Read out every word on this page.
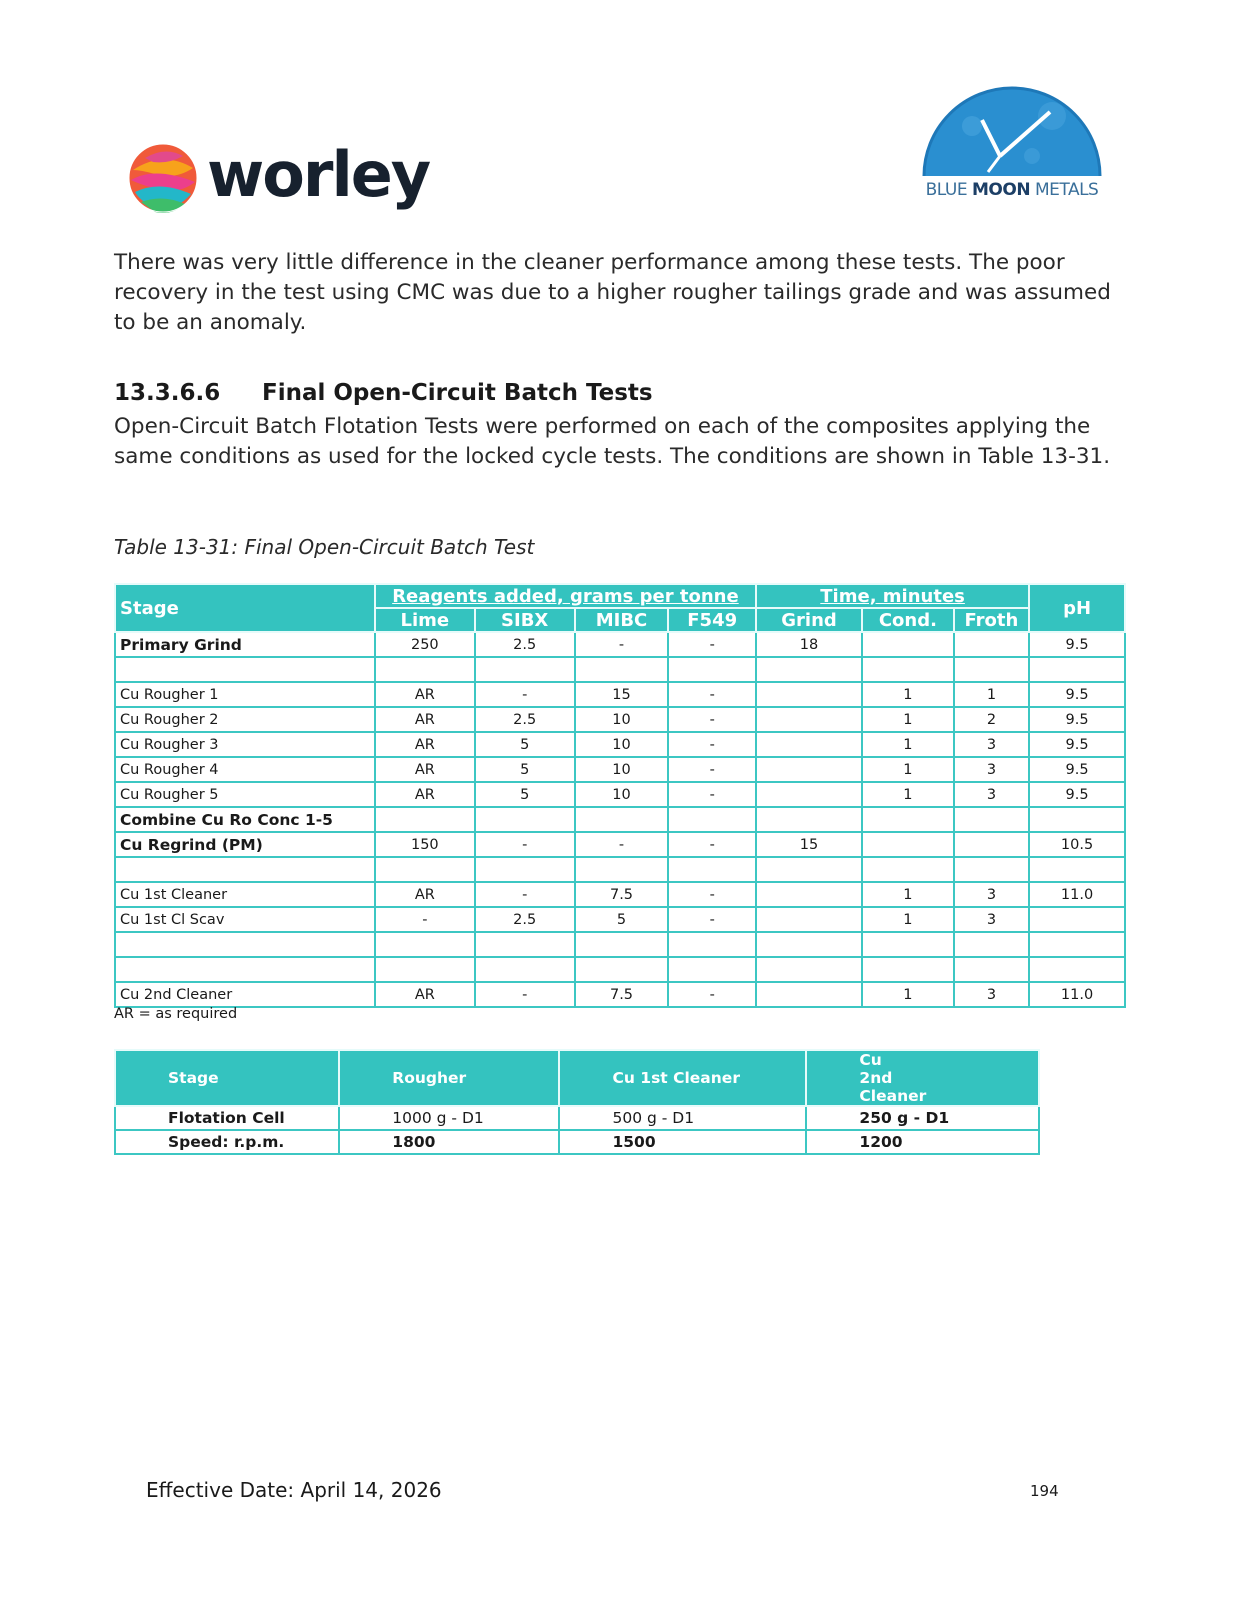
worley	BLUE MOON METALS
There was very little difference in the cleaner performance among these tests. The poor recovery in the test using CMC was due to a higher rougher tailings grade and was assumed to be an anomaly.
13.3.6.6 Final Open-Circuit Batch Tests
Open-Circuit Batch Flotation Tests were performed on each of the composites applying the same conditions as used for the locked cycle tests. The conditions are shown in Table 13-31.
Table 13-31: Final Open-Circuit Batch Test
Stage	Reagents added, grams per tonne				Time, minutes			pH
	Lime	SIBX	MIBC	F549	Grind	Cond.	Froth	
Primary Grind	250	2.5	-	-	18			9.5

Cu Rougher 1	AR	-	15	-		1	1	9.5
Cu Rougher 2	AR	2.5	10	-		1	2	9.5
Cu Rougher 3	AR	5	10	-		1	3	9.5
Cu Rougher 4	AR	5	10	-		1	3	9.5
Cu Rougher 5	AR	5	10	-		1	3	9.5
Combine Cu Ro Conc 1-5								
Cu Regrind (PM)	150	-	-	-	15			10.5

Cu 1st Cleaner	AR	-	7.5	-		1	3	11.0
Cu 1st Cl Scav	-	2.5	5	-		1	3	

Cu 2nd Cleaner	AR	-	7.5	-		1	3	11.0
AR = as required
Stage	Rougher	Cu 1st Cleaner	Cu 2nd Cleaner
Flotation Cell	1000 g - D1	500 g - D1	250 g - D1
Speed: r.p.m.	1800	1500	1200
Effective Date: April 14, 2026	194
